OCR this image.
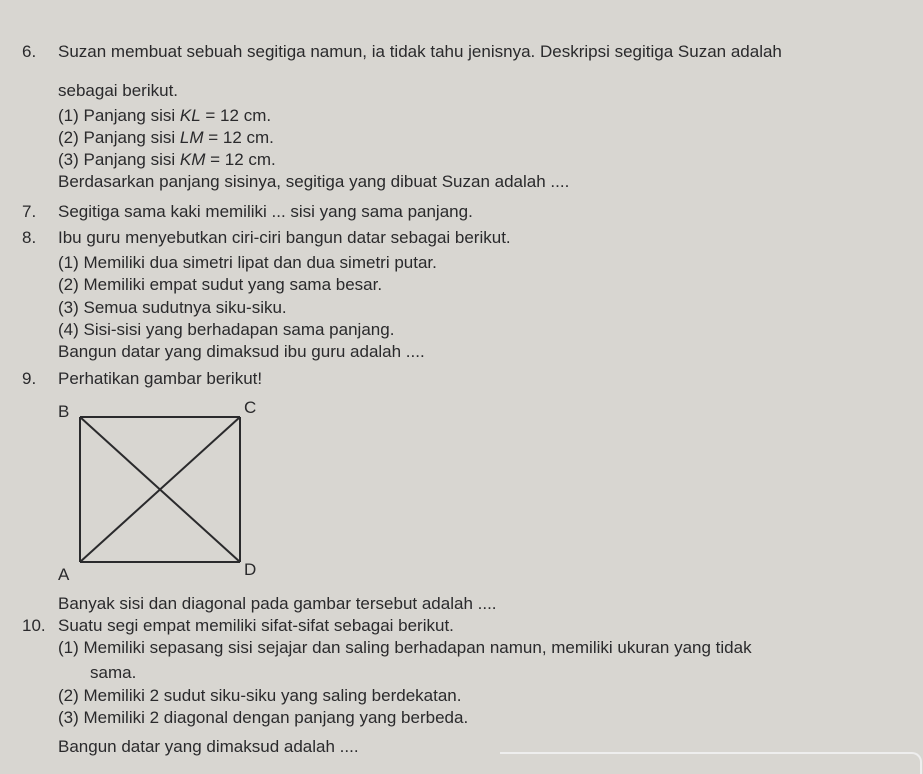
6. Suzan membuat sebuah segitiga namun, ia tidak tahu jenisnya. Deskripsi segitiga Suzan adalah
sebagai berikut.
(1) Panjang sisi KL = 12 cm.
(2) Panjang sisi LM = 12 cm.
(3) Panjang sisi KM = 12 cm.
Berdasarkan panjang sisinya, segitiga yang dibuat Suzan adalah ....
7. Segitiga sama kaki memiliki ... sisi yang sama panjang.
8. Ibu guru menyebutkan ciri-ciri bangun datar sebagai berikut.
(1) Memiliki dua simetri lipat dan dua simetri putar.
(2) Memiliki empat sudut yang sama besar.
(3) Semua sudutnya siku-siku.
(4) Sisi-sisi yang berhadapan sama panjang.
Bangun datar yang dimaksud ibu guru adalah ....
9. Perhatikan gambar berikut!
B	C
A	D
Banyak sisi dan diagonal pada gambar tersebut adalah ....
10. Suatu segi empat memiliki sifat-sifat sebagai berikut.
(1) Memiliki sepasang sisi sejajar dan saling berhadapan namun, memiliki ukuran yang tidak
sama.
(2) Memiliki 2 sudut siku-siku yang saling berdekatan.
(3) Memiliki 2 diagonal dengan panjang yang berbeda.
Bangun datar yang dimaksud adalah ....
